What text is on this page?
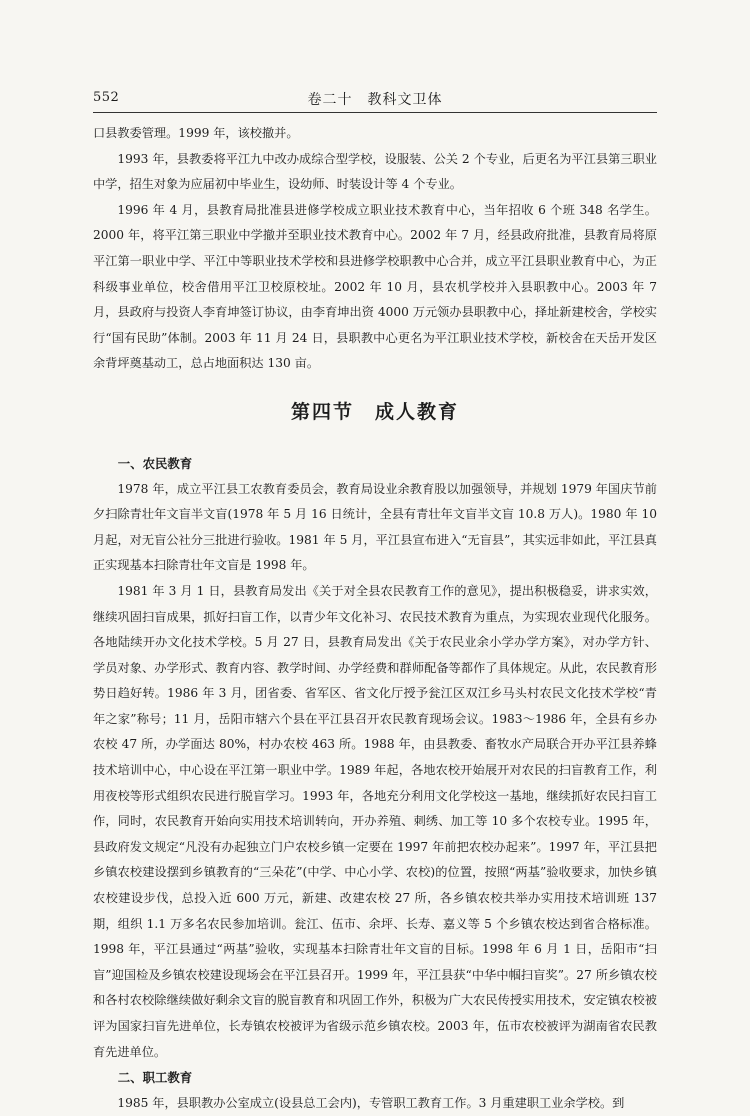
552	卷二十　教科文卫体

口县教委管理。1999 年，该校撤并。

1993 年，县教委将平江九中改办成综合型学校，设服装、公关 2 个专业，后更名为平江县第三职业中学，招生对象为应届初中毕业生，设幼师、时装设计等 4 个专业。

1996 年 4 月，县教育局批准县进修学校成立职业技术教育中心，当年招收 6 个班 348 名学生。2000 年，将平江第三职业中学撤并至职业技术教育中心。2002 年 7 月，经县政府批准，县教育局将原平江第一职业中学、平江中等职业技术学校和县进修学校职教中心合并，成立平江县职业教育中心，为正科级事业单位，校舍借用平江卫校原校址。2002 年 10 月，县农机学校并入县职教中心。2003 年 7 月，县政府与投资人李育坤签订协议，由李育坤出资 4000 万元领办县职教中心，择址新建校舍，学校实行“国有民助”体制。2003 年 11 月 24 日，县职教中心更名为平江职业技术学校，新校舍在天岳开发区余背坪奠基动工，总占地面积达 130 亩。

第四节　成人教育

一、农民教育

1978 年，成立平江县工农教育委员会，教育局设业余教育股以加强领导，并规划 1979 年国庆节前夕扫除青壮年文盲半文盲(1978 年 5 月 16 日统计，全县有青壮年文盲半文盲 10.8 万人)。1980 年 10 月起，对无盲公社分三批进行验收。1981 年 5 月，平江县宣布进入“无盲县”，其实远非如此，平江县真正实现基本扫除青壮年文盲是 1998 年。

1981 年 3 月 1 日，县教育局发出《关于对全县农民教育工作的意见》，提出积极稳妥，讲求实效，继续巩固扫盲成果，抓好扫盲工作，以青少年文化补习、农民技术教育为重点，为实现农业现代化服务。各地陆续开办文化技术学校。5 月 27 日，县教育局发出《关于农民业余小学办学方案》，对办学方针、学员对象、办学形式、教育内容、教学时间、办学经费和群师配备等都作了具体规定。从此，农民教育形势日趋好转。1986 年 3 月，团省委、省军区、省文化厅授予瓮江区双江乡马头村农民文化技术学校“青年之家”称号；11 月，岳阳市辖六个县在平江县召开农民教育现场会议。1983～1986 年，全县有乡办农校 47 所，办学面达 80%，村办农校 463 所。1988 年，由县教委、畜牧水产局联合开办平江县养蜂技术培训中心，中心设在平江第一职业中学。1989 年起，各地农校开始展开对农民的扫盲教育工作，利用夜校等形式组织农民进行脱盲学习。1993 年，各地充分利用文化学校这一基地，继续抓好农民扫盲工作，同时，农民教育开始向实用技术培训转向，开办养殖、刺绣、加工等 10 多个农校专业。1995 年，县政府发文规定“凡没有办起独立门户农校乡镇一定要在 1997 年前把农校办起来”。1997 年，平江县把乡镇农校建设摆到乡镇教育的“三朵花”(中学、中心小学、农校)的位置，按照“两基”验收要求，加快乡镇农校建设步伐，总投入近 600 万元，新建、改建农校 27 所，各乡镇农校共举办实用技术培训班 137 期，组织 1.1 万多名农民参加培训。瓮江、伍市、余坪、长寿、嘉义等 5 个乡镇农校达到省合格标准。1998 年，平江县通过“两基”验收，实现基本扫除青壮年文盲的目标。1998 年 6 月 1 日，岳阳市“扫盲”迎国检及乡镇农校建设现场会在平江县召开。1999 年，平江县获“中华中帼扫盲奖”。27 所乡镇农校和各村农校除继续做好剩余文盲的脱盲教育和巩固工作外，积极为广大农民传授实用技术，安定镇农校被评为国家扫盲先进单位，长寿镇农校被评为省级示范乡镇农校。2003 年，伍市农校被评为湖南省农民教育先进单位。

二、职工教育

1985 年，县职教办公室成立(设县总工会内)，专管职工教育工作。3 月重建职工业余学校。到
